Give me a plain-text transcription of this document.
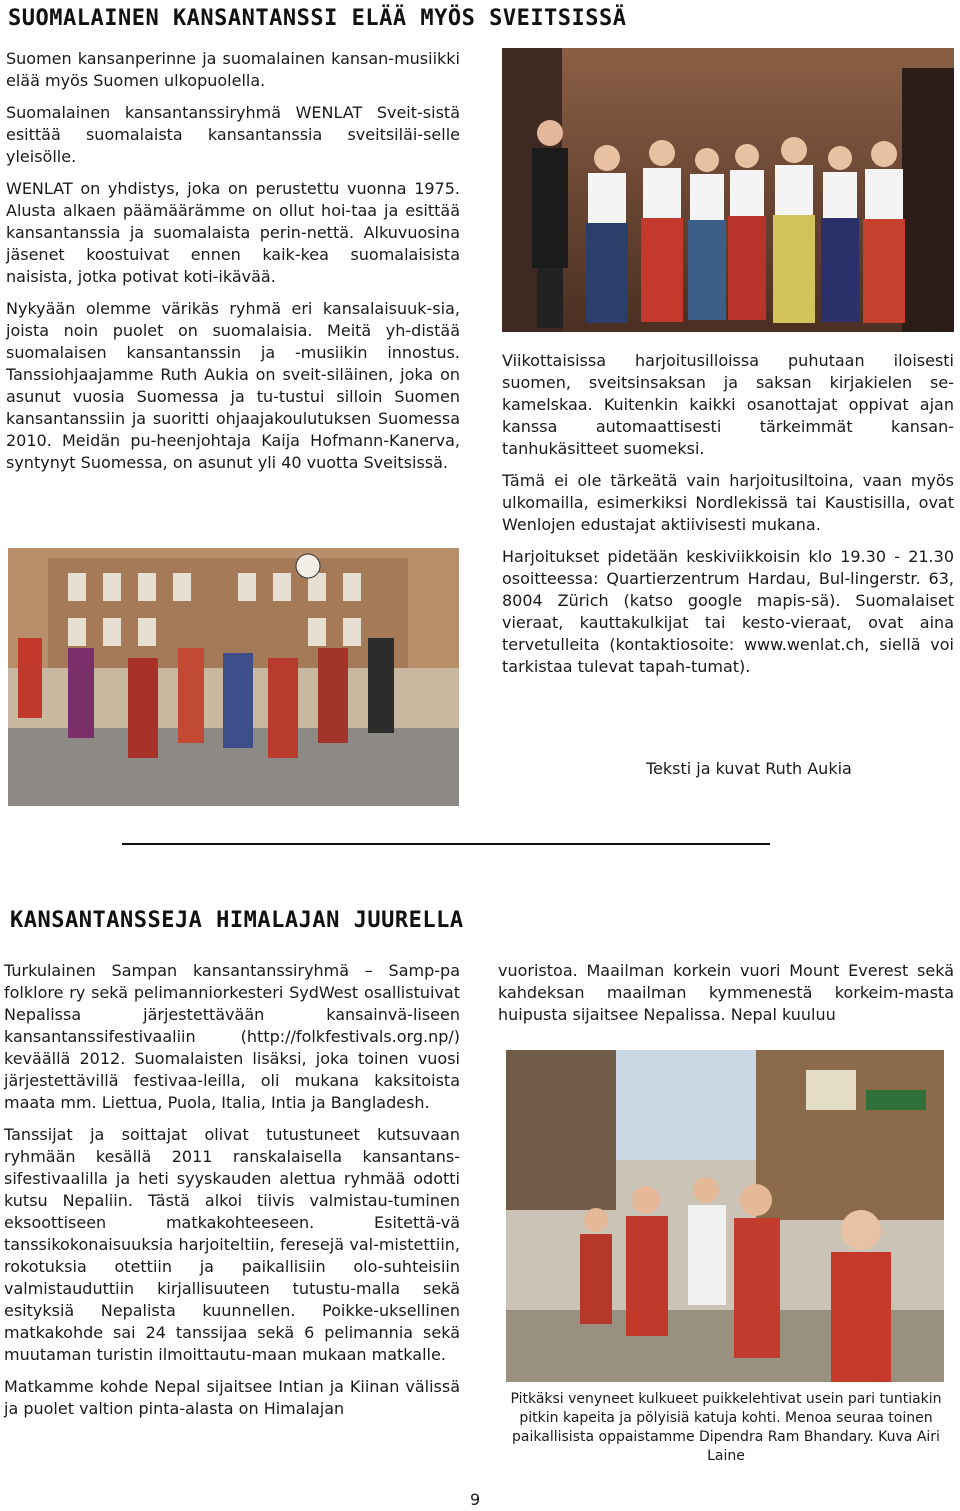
SUOMALAINEN KANSANTANSSI ELÄÄ MYÖS SVEITSISSÄ

Suomen kansanperinne ja suomalainen kansan-musiikki elää myös Suomen ulkopuolella.

Suomalainen kansantanssiryhmä WENLAT Sveit-sistä esittää suomalaista kansantanssia sveitsiläi-selle yleisölle.

WENLAT on yhdistys, joka on perustettu vuonna 1975. Alusta alkaen päämäärämme on ollut hoi-taa ja esittää kansantanssia ja suomalaista perin-nettä. Alkuvuosina jäsenet koostuivat ennen kaik-kea suomalaisista naisista, jotka potivat koti-ikävää.

Nykyään olemme värikäs ryhmä eri kansalaisuuk-sia, joista noin puolet on suomalaisia. Meitä yh-distää suomalaisen kansantanssin ja -musiikin innostus. Tanssiohjaajamme Ruth Aukia on sveit-siläinen, joka on asunut vuosia Suomessa ja tu-tustui silloin Suomen kansantanssiin ja suoritti ohjaajakoulutuksen Suomessa 2010. Meidän pu-heenjohtaja Kaija Hofmann-Kanerva, syntynyt Suomessa, on asunut yli 40 vuotta Sveitsissä.

Viikottaisissa harjoitusilloissa puhutaan iloisesti suomen, sveitsinsaksan ja saksan kirjakielen se-kamelskaa. Kuitenkin kaikki osanottajat oppivat ajan kanssa automaattisesti tärkeimmät kansan-tanhukäsitteet suomeksi.

Tämä ei ole tärkeätä vain harjoitusiltoina, vaan myös ulkomailla, esimerkiksi Nordlekissä tai Kaustisilla, ovat Wenlojen edustajat aktiivisesti mukana.

Harjoitukset pidetään keskiviikkoisin klo 19.30 - 21.30 osoitteessa: Quartierzentrum Hardau, Bul-lingerstr. 63, 8004 Zürich (katso google mapis-sä). Suomalaiset vieraat, kauttakulkijat tai kesto-vieraat, ovat aina tervetulleita (kontaktiosoite: www.wenlat.ch, siellä voi tarkistaa tulevat tapah-tumat).

Teksti ja kuvat Ruth Aukia
KANSANTANSSEJA HIMALAJAN JUURELLA

Turkulainen Sampan kansantanssiryhmä – Samp-pa folklore ry sekä pelimanniorkesteri SydWest osallistuivat Nepalissa järjestettävään kansainvä-liseen kansantanssifestivaaliin (http://folkfestivals.org.np/) keväällä 2012. Suomalaisten lisäksi, joka toinen vuosi järjestettävillä festivaa-leilla, oli mukana kaksitoista maata mm. Liettua, Puola, Italia, Intia ja Bangladesh.

Tanssijat ja soittajat olivat tutustuneet kutsuvaan ryhmään kesällä 2011 ranskalaisella kansantans-sifestivaalilla ja heti syyskauden alettua ryhmää odotti kutsu Nepaliin. Tästä alkoi tiivis valmistau-tuminen eksoottiseen matkakohteeseen. Esitettä-vä tanssikokonaisuuksia harjoiteltiin, feresejä val-mistettiin, rokotuksia otettiin ja paikallisiin olo-suhteisiin valmistauduttiin kirjallisuuteen tutustu-malla sekä esityksiä Nepalista kuunnellen. Poikke-uksellinen matkakohde sai 24 tanssijaa sekä 6 pelimannia sekä muutaman turistin ilmoittautu-maan mukaan matkalle.

Matkamme kohde Nepal sijaitsee Intian ja Kiinan välissä ja puolet valtion pinta-alasta on Himalajan

vuoristoa. Maailman korkein vuori Mount Everest sekä kahdeksan maailman kymmenestä korkeim-masta huipusta sijaitsee Nepalissa. Nepal kuuluu

Pitkäksi venyneet kulkueet puikkelehtivat usein pari tuntiakin pitkin kapeita ja pölyisiä katuja kohti. Menoa seuraa toinen paikallisista oppaistamme Dipendra Ram Bhandary. Kuva Airi Laine
9
